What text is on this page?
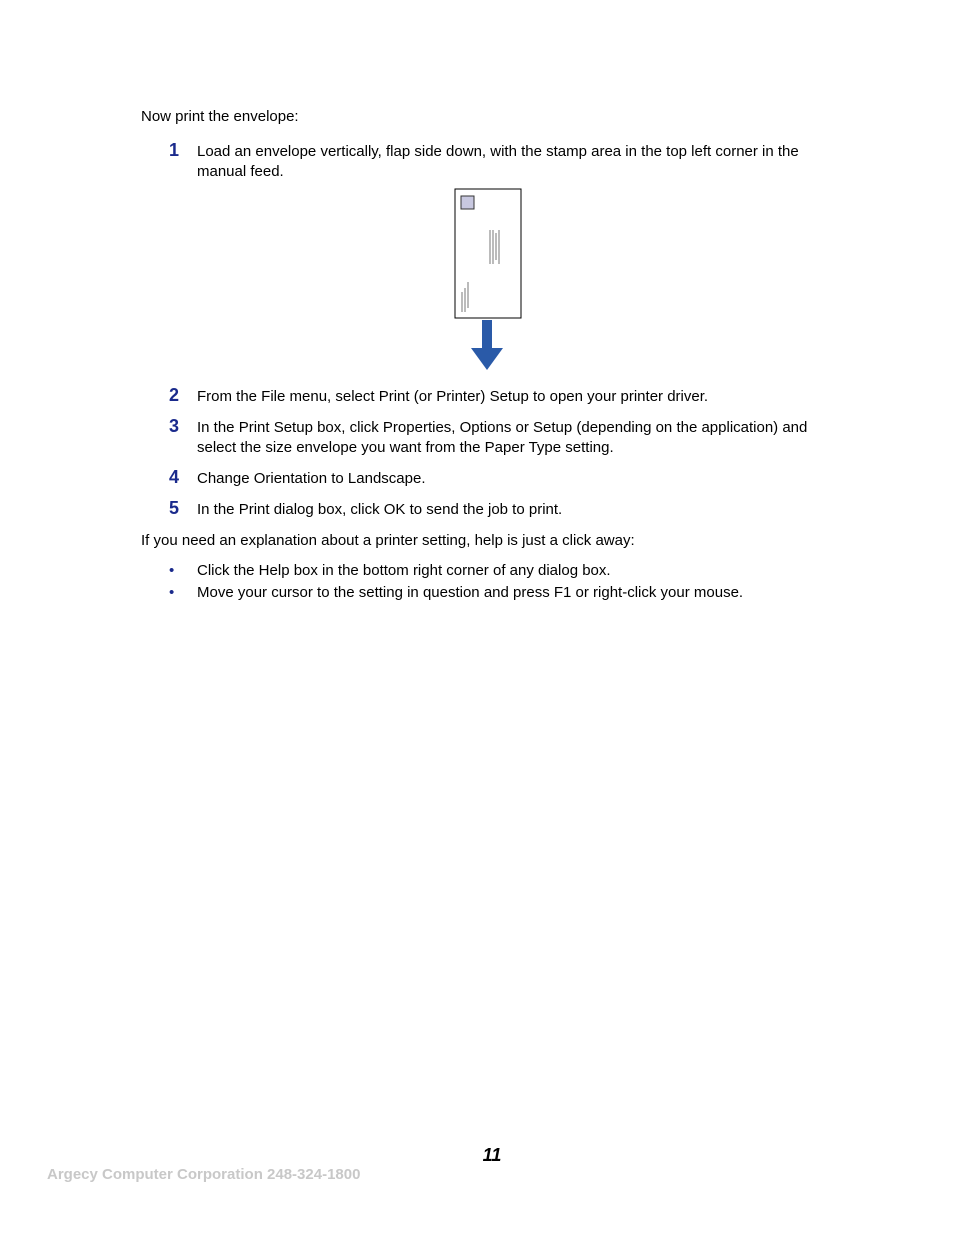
Now print the envelope:

1 Load an envelope vertically, flap side down, with the stamp area in the top left corner in the manual feed.
2 From the File menu, select Print (or Printer) Setup to open your printer driver.
3 In the Print Setup box, click Properties, Options or Setup (depending on the application) and select the size envelope you want from the Paper Type setting.
4 Change Orientation to Landscape.
5 In the Print dialog box, click OK to send the job to print.

If you need an explanation about a printer setting, help is just a click away:

• Click the Help box in the bottom right corner of any dialog box.
• Move your cursor to the setting in question and press F1 or right-click your mouse.
11
Argecy Computer Corporation 248-324-1800
